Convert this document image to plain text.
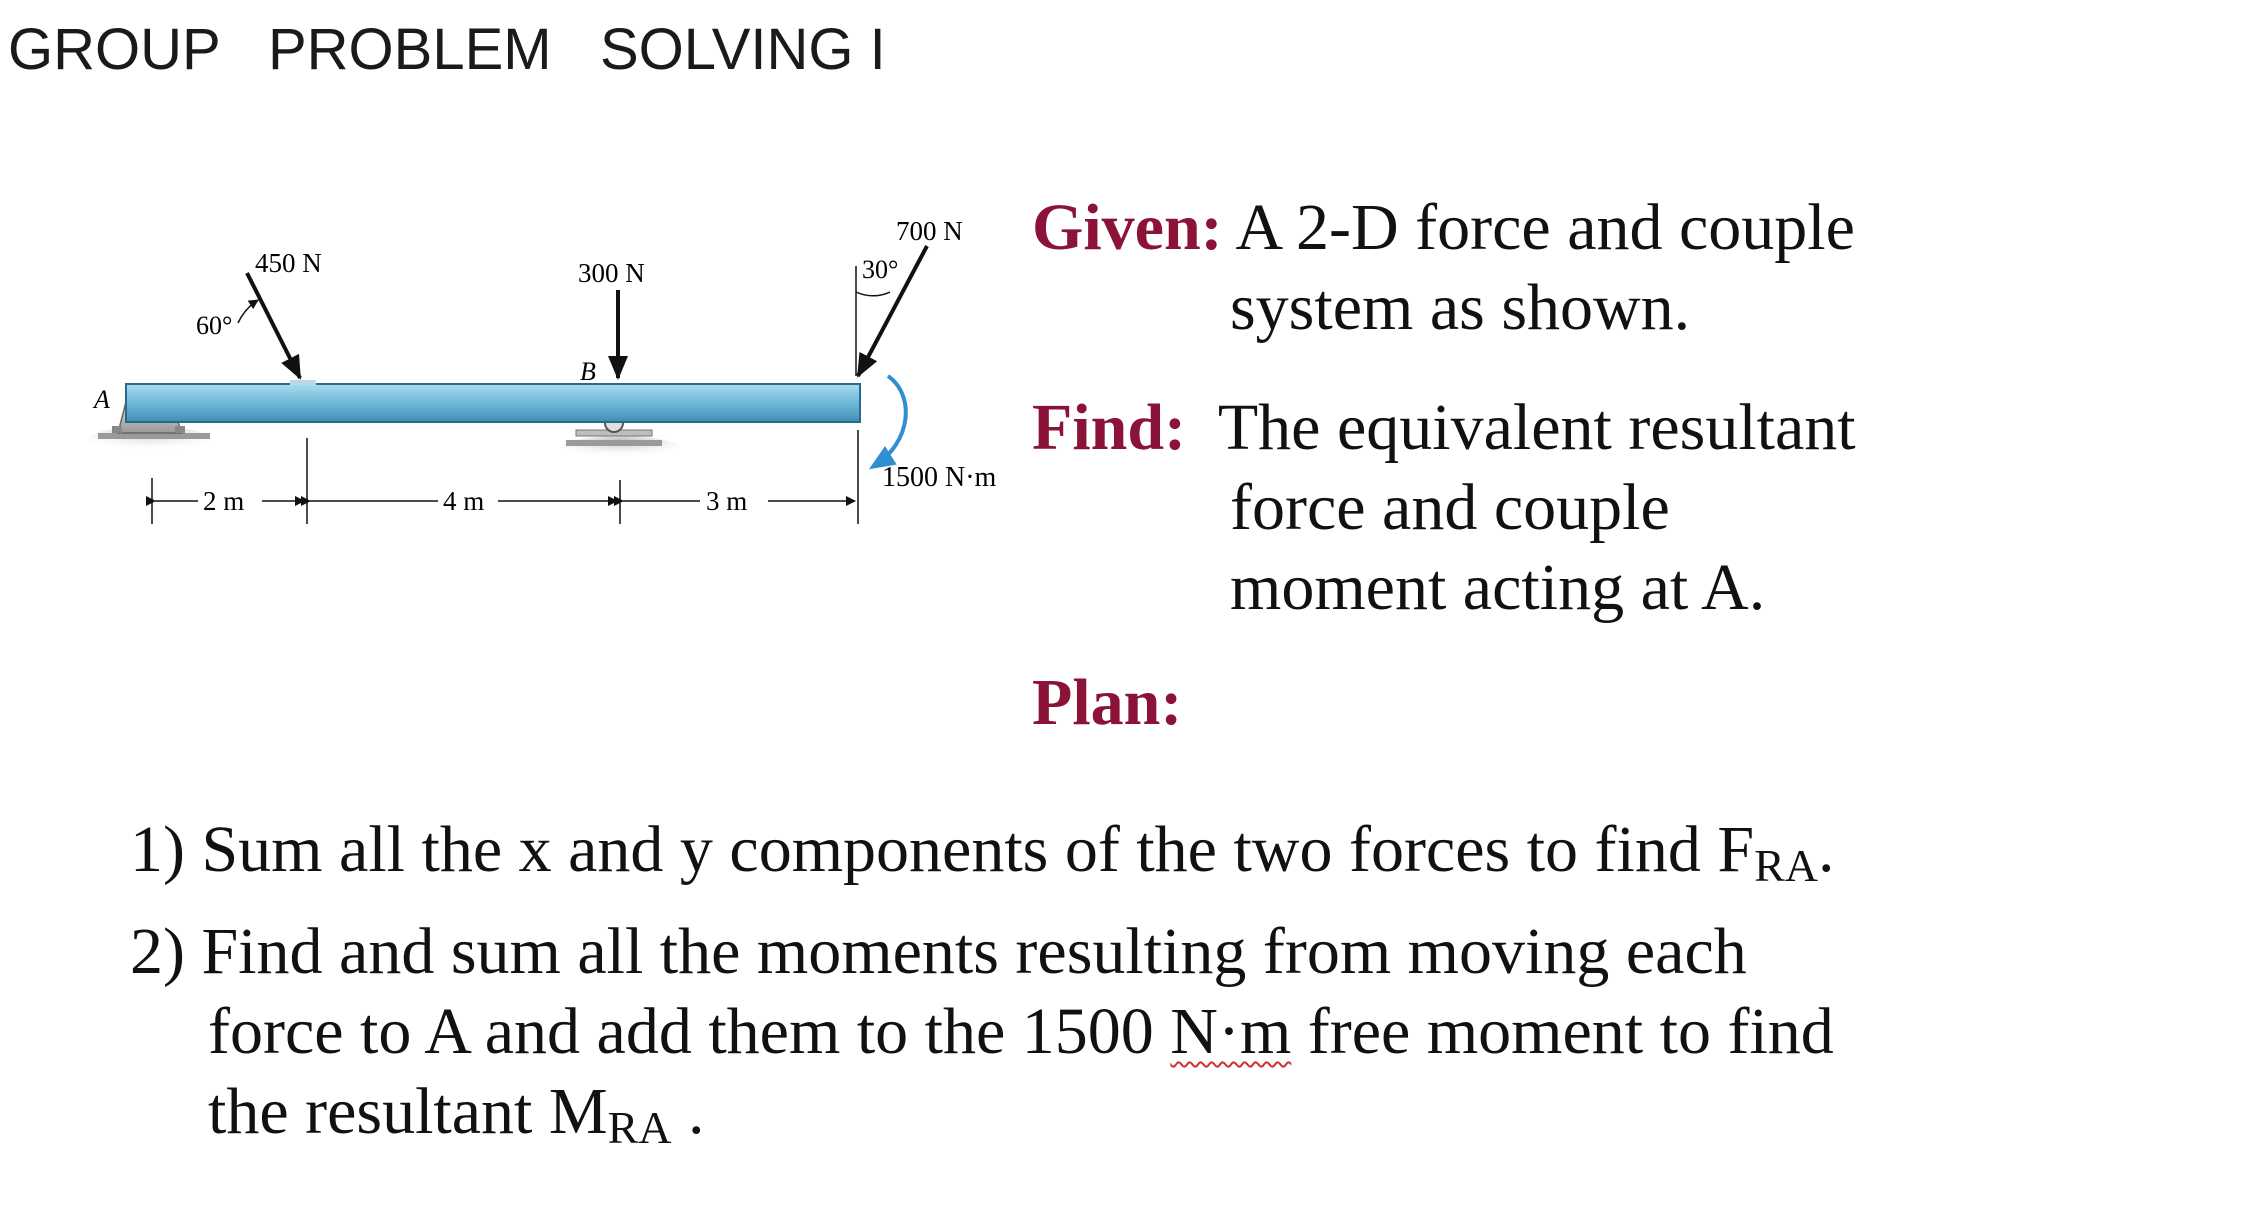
GROUP   PROBLEM   SOLVING I
A
B
450 N
60°
300 N
700 N
30°
1500 N·m
2 m	4 m	3 m
Given: A 2-D force and couple
system as shown.
Find:  The equivalent resultant
force and couple
moment acting at A.
Plan:
1) Sum all the x and y components of the two forces to find $F_{RA}$.
2) Find and sum all the moments resulting from moving each
force to A and add them to the 1500 N·m free moment to find
the resultant $M_{RA}$ .
